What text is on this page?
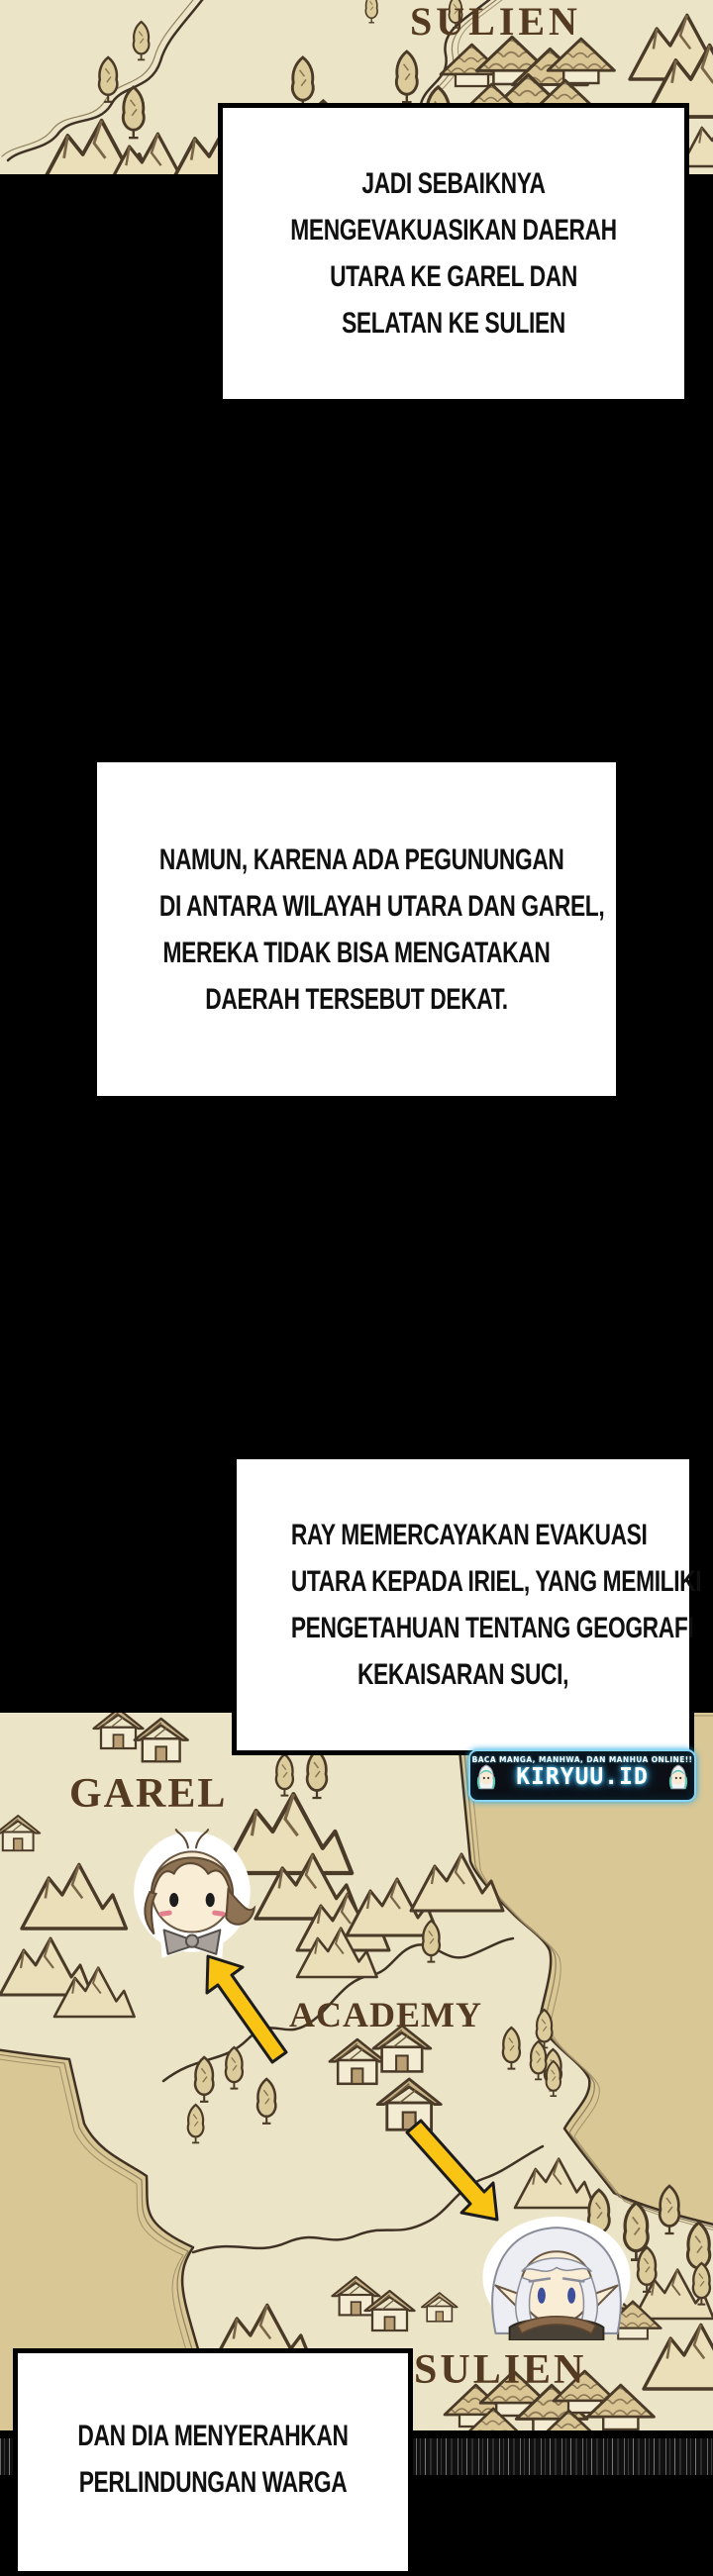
SULIEN
JADI SEBAIKNYA
MENGEVAKUASIKAN DAERAH
UTARA KE GAREL DAN
SELATAN KE SULIEN
NAMUN, KARENA ADA PEGUNUNGAN
DI ANTARA WILAYAH UTARA DAN GAREL,
MEREKA TIDAK BISA MENGATAKAN
DAERAH TERSEBUT DEKAT.
RAY MEMERCAYAKAN EVAKUASI
UTARA KEPADA IRIEL, YANG MEMILIKI
PENGETAHUAN TENTANG GEOGRAFI
KEKAISARAN SUCI,
GAREL
ACADEMY
SULIEN
BACA MANGA, MANHWA, DAN MANHUA ONLINE!!
KIRYUU.ID
DAN DIA MENYERAHKAN
PERLINDUNGAN WARGA
